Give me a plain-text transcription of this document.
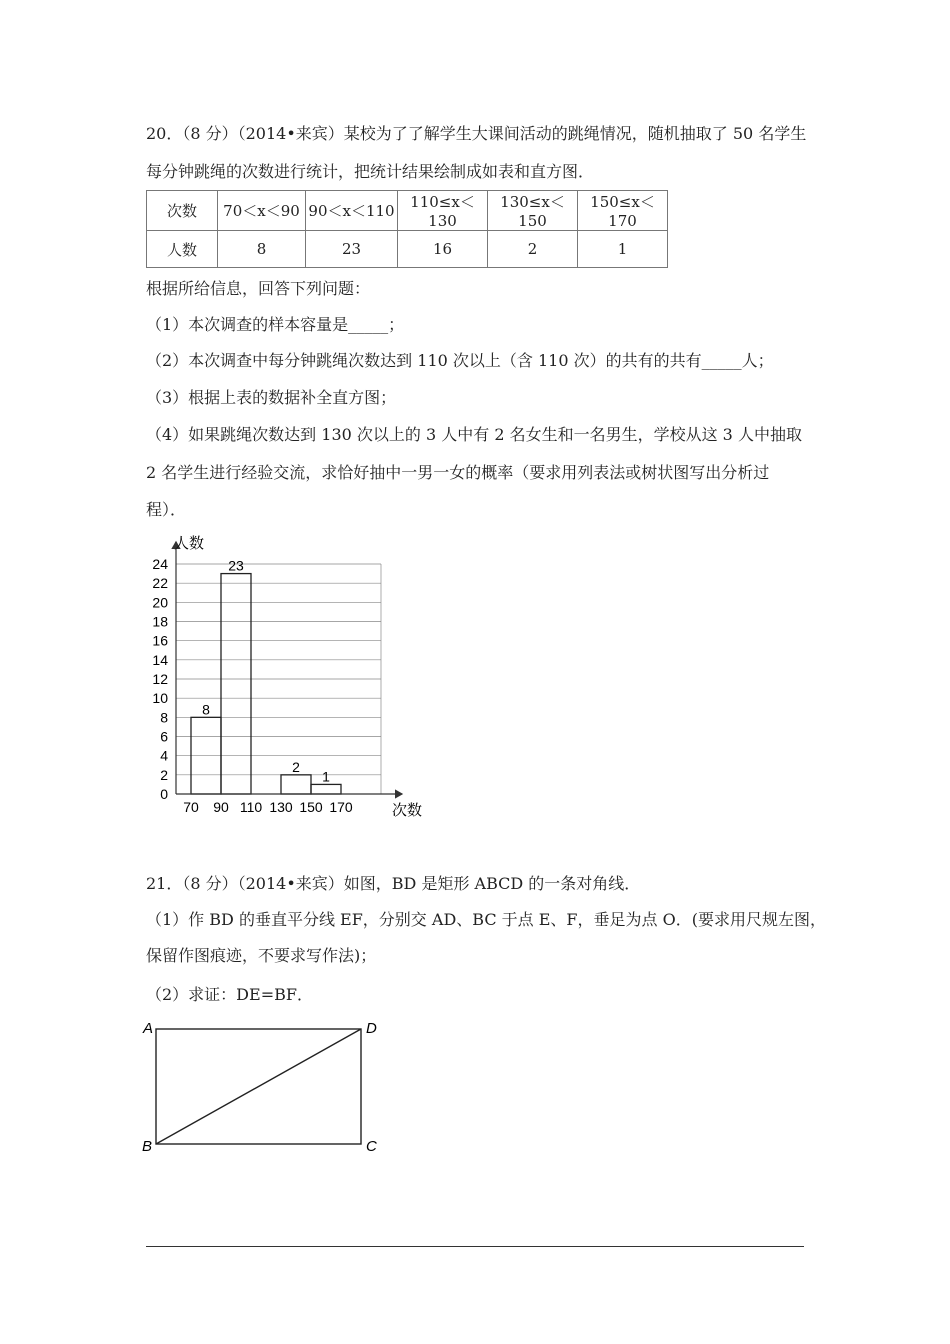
20．（8 分）（2014•来宾）某校为了了解学生大课间活动的跳绳情况，随机抽取了 50 名学生
每分钟跳绳的次数进行统计，把统计结果绘制成如表和直方图．
次数	70＜x＜90	90＜x＜110	110≤x＜130	130≤x＜150	150≤x＜170
人数	8	23	16	2	1
根据所给信息，回答下列问题：
（1）本次调查的样本容量是_____；
（2）本次调查中每分钟跳绳次数达到 110 次以上（含 110 次）的共有的共有_____人；
（3）根据上表的数据补全直方图；
（4）如果跳绳次数达到 130 次以上的 3 人中有 2 名女生和一名男生，学校从这 3 人中抽取
2 名学生进行经验交流，求恰好抽中一男一女的概率（要求用列表法或树状图写出分析过
程）．
0
2
4
6
8
10
12
14
16
18
20
22
24
70 90 110 130 150 170
8
23
2
1
人数
次数
21．（8 分）（2014•来宾）如图，BD 是矩形 ABCD 的一条对角线．
（1）作 BD 的垂直平分线 EF，分别交 AD、BC 于点 E、F，垂足为点 O．(要求用尺规左图，
保留作图痕迹，不要求写作法)；
（2）求证：DE=BF．
A	D
B	C
